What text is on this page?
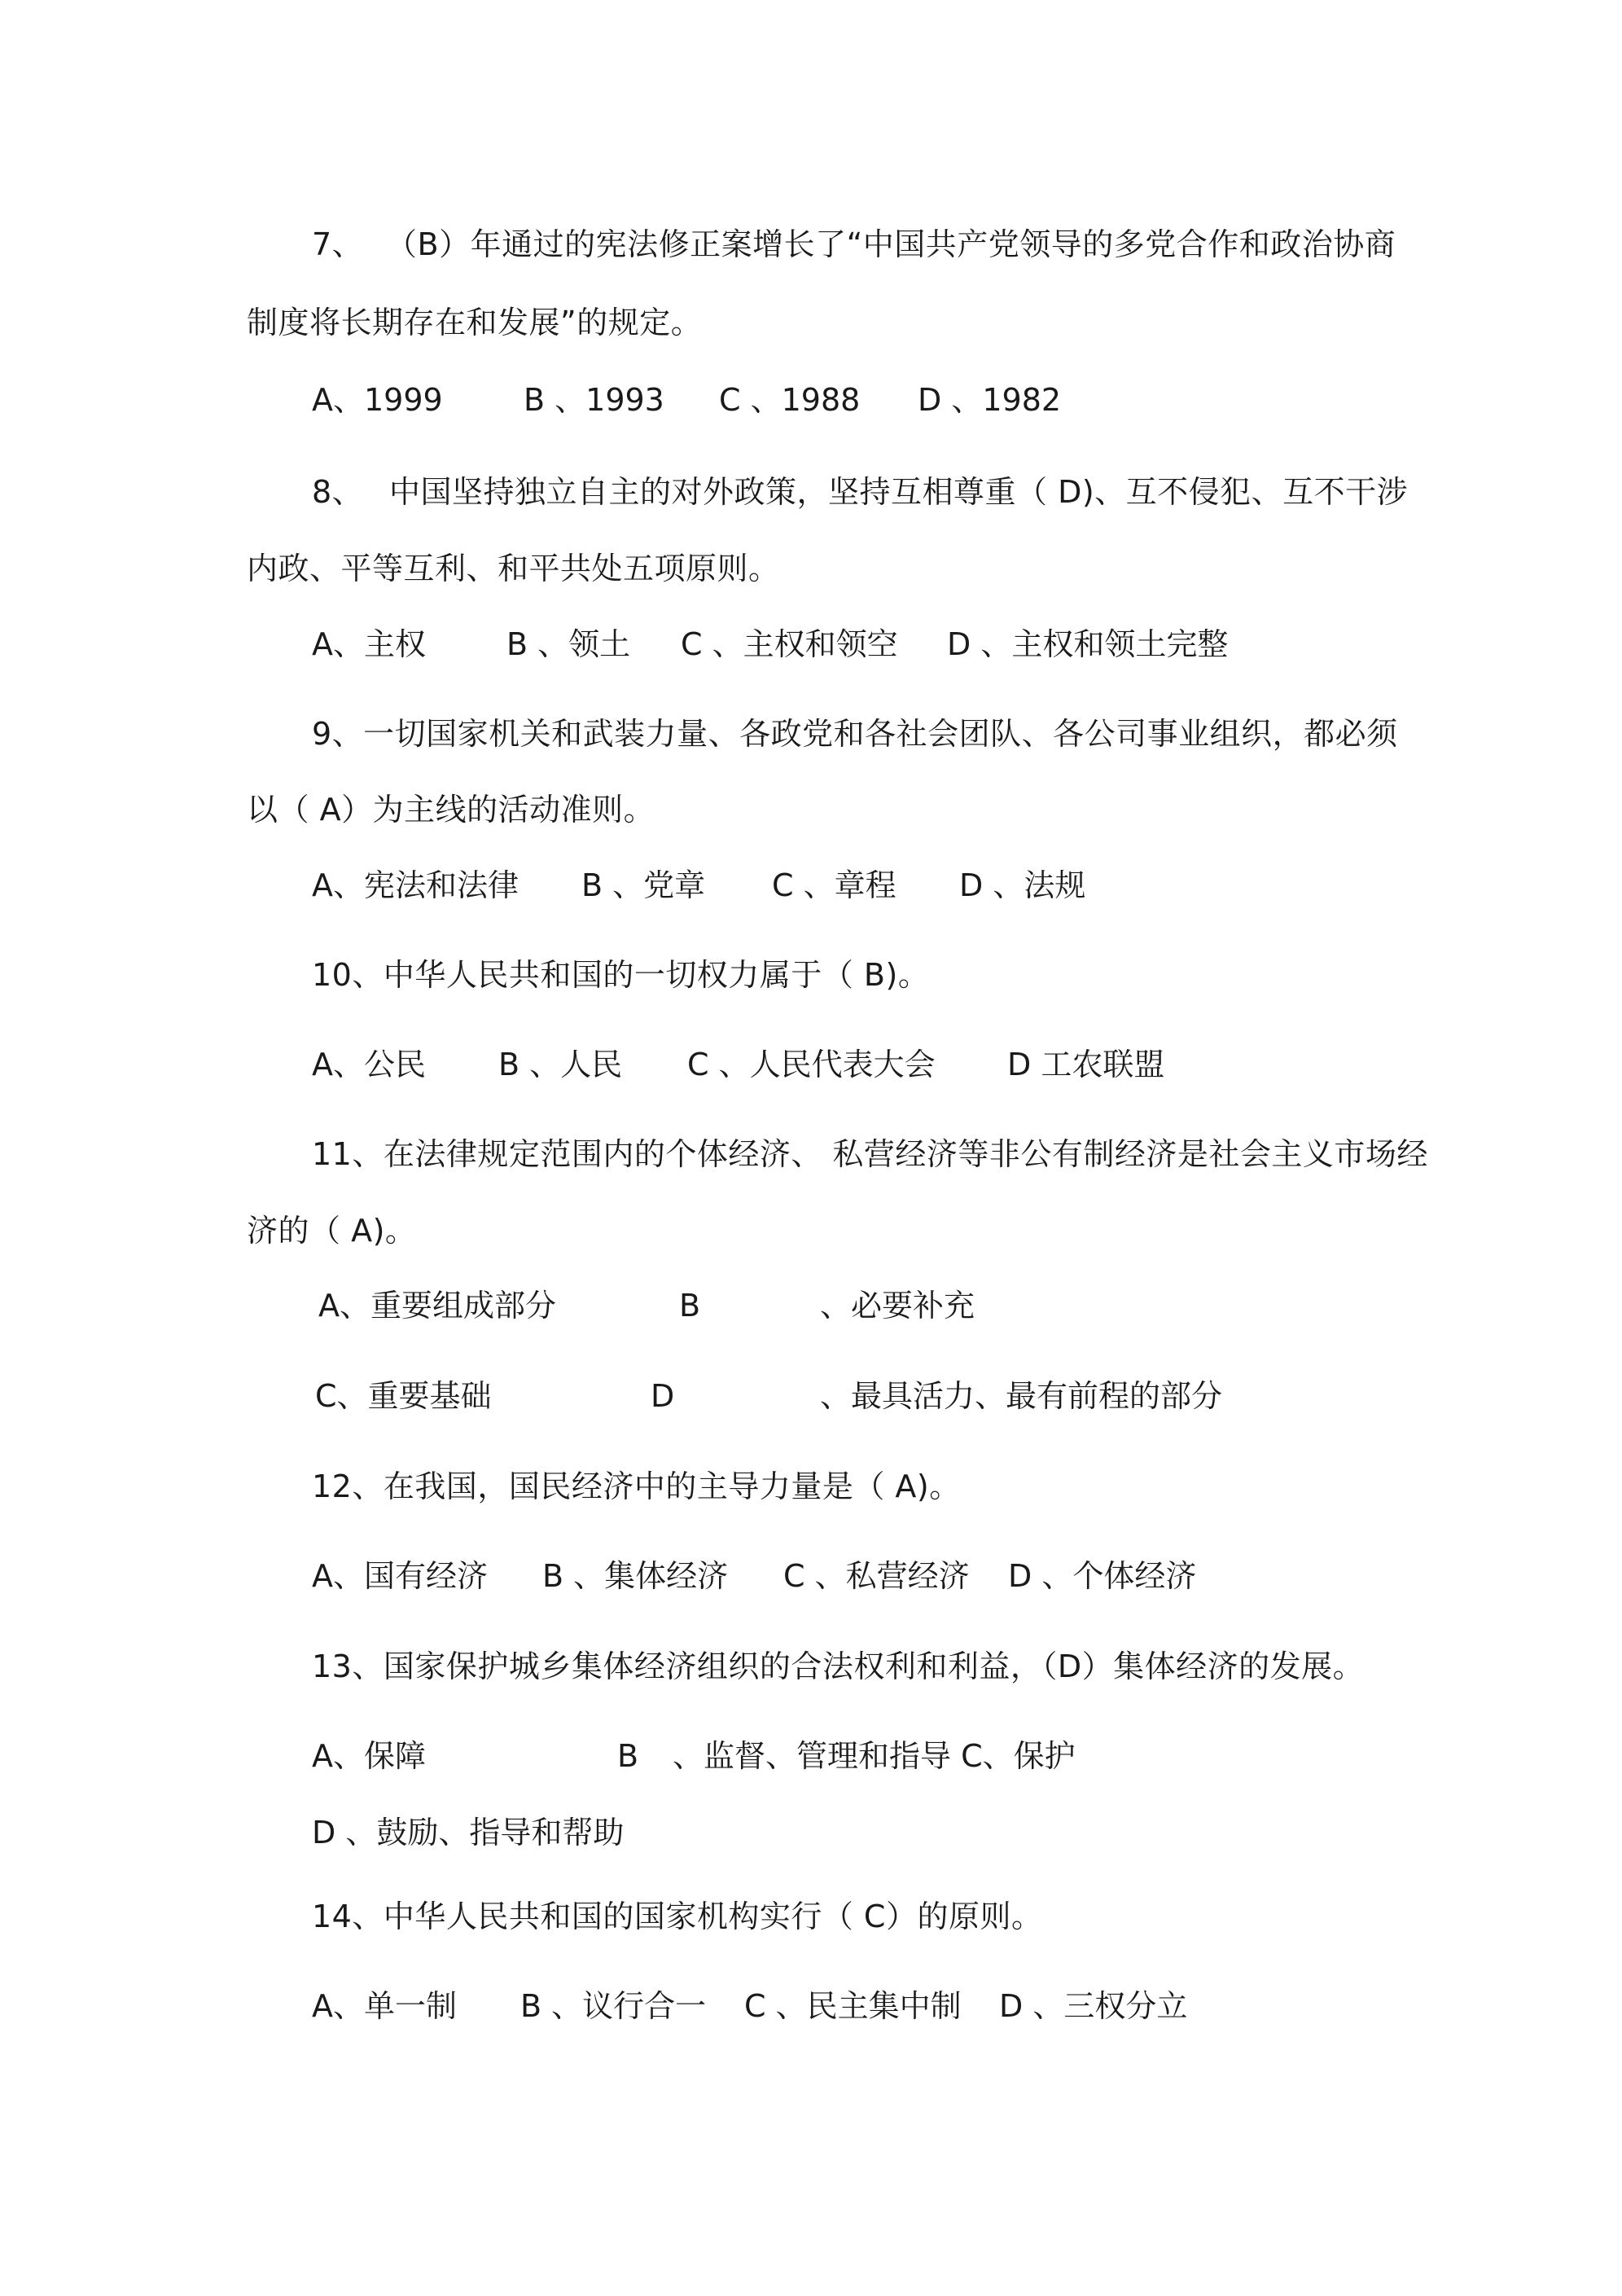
7、 （B）年通过的宪法修正案增长了“中国共产党领导的多党合作和政治协商
制度将长期存在和发展”的规定。
A、1999	B 、1993 C 、1988 D 、1982
8、 中国坚持独立自主的对外政策，坚持互相尊重（ D)、互不侵犯、互不干涉
内政、平等互利、和平共处五项原则。
A、主权	B 、领土 C 、主权和领空 D 、主权和领土完整
9、一切国家机关和武装力量、各政党和各社会团队、各公司事业组织，都必须
以（ A）为主线的活动准则。
A、宪法和法律 B 、党章 C 、章程 D 、法规
10、中华人民共和国的一切权力属于（ B)。
A、公民 B 、人民 C 、人民代表大会 D 工农联盟
11、在法律规定范围内的个体经济、 私营经济等非公有制经济是社会主义市场经
济的（ A)。
A、重要组成部分	B	、必要补充
C、重要基础	D	、最具活力、最有前程的部分
12、在我国，国民经济中的主导力量是（ A)。
A、国有经济 B 、集体经济 C 、私营经济 D 、个体经济
13、国家保护城乡集体经济组织的合法权利和利益，（D）集体经济的发展。
A、保障	B 、监督、管理和指导 C、保护
D 、鼓励、指导和帮助
14、中华人民共和国的国家机构实行（ C）的原则。
A、单一制 B 、议行合一 C 、民主集中制 D 、三权分立
